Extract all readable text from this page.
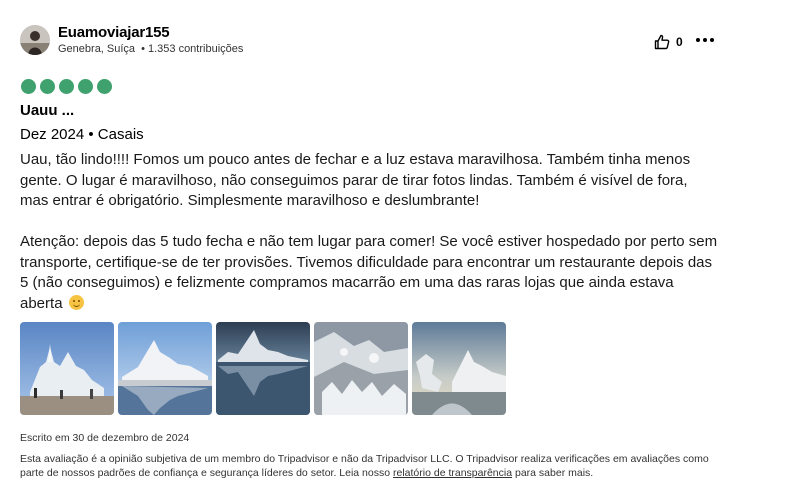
Euamoviajar155
Genebra, Suíça • 1.353 contribuições	0
Uauu ...
Dez 2024 • Casais

Uau, tão lindo!!!! Fomos um pouco antes de fechar e a luz estava maravilhosa. Também tinha menos gente. O lugar é maravilhoso, não conseguimos parar de tirar fotos lindas. Também é visível de fora, mas entrar é obrigatório. Simplesmente maravilhoso e deslumbrante!

Atenção: depois das 5 tudo fecha e não tem lugar para comer! Se você estiver hospedado por perto sem transporte, certifique-se de ter provisões. Tivemos dificuldade para encontrar um restaurante depois das 5 (não conseguimos) e felizmente compramos macarrão em uma das raras lojas que ainda estava aberta

Escrito em 30 de dezembro de 2024
Esta avaliação é a opinião subjetiva de um membro do Tripadvisor e não da Tripadvisor LLC. O Tripadvisor realiza verificações em avaliações como parte de nossos padrões de confiança e segurança líderes do setor. Leia nosso relatório de transparência para saber mais.
